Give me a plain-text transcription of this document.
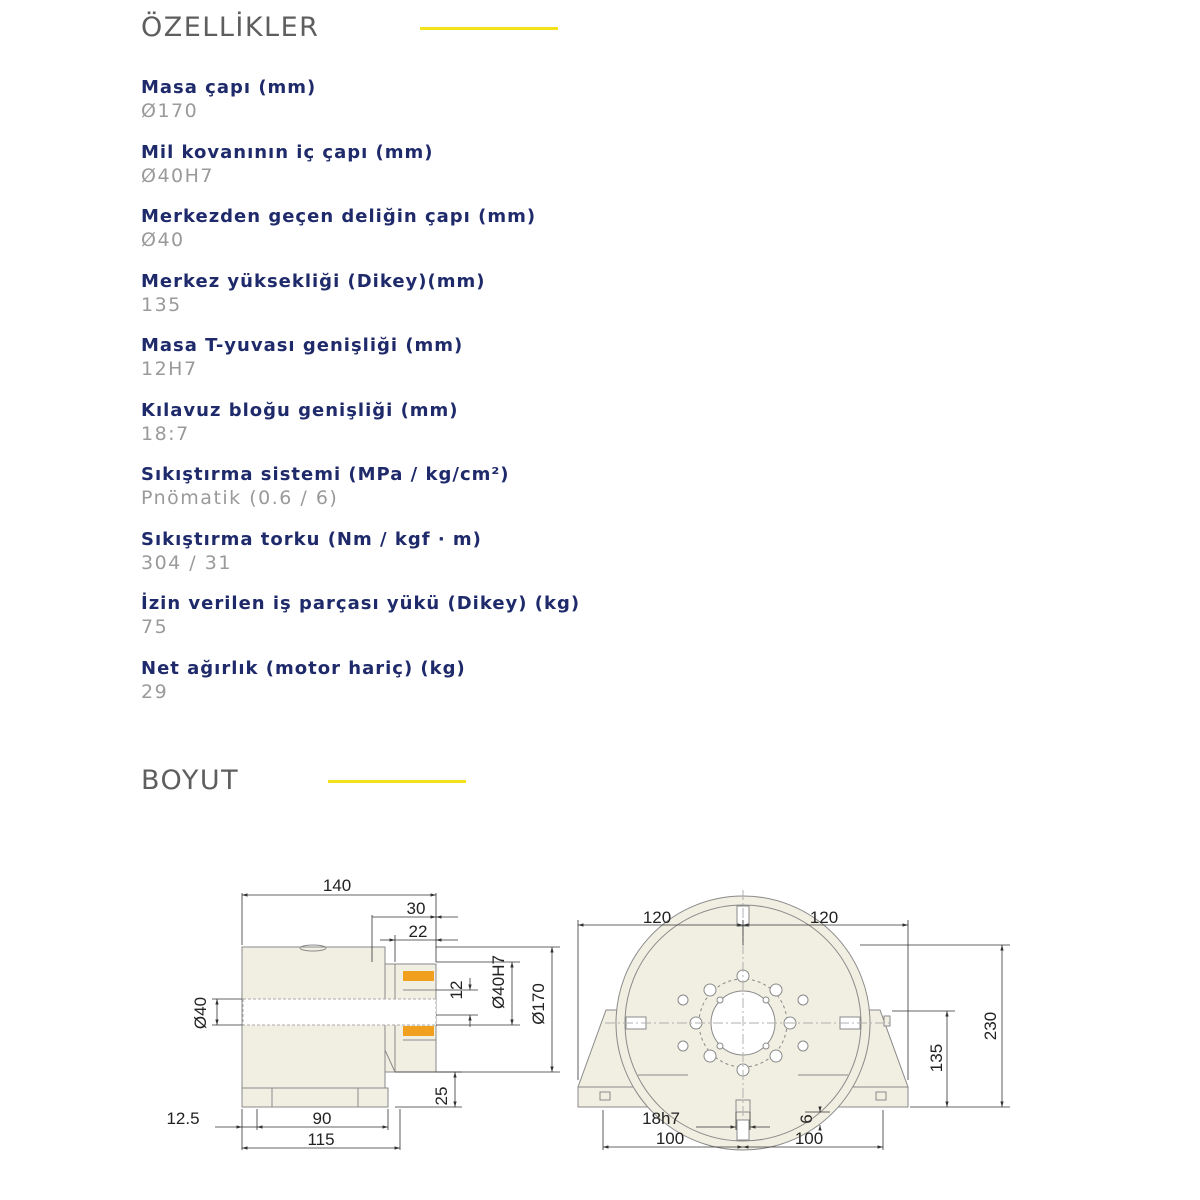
ÖZELLİKLER
Masa çapı (mm)
Ø170
Mil kovanının iç çapı (mm)
Ø40H7
Merkezden geçen deliğin çapı (mm)
Ø40
Merkez yüksekliği (Dikey)(mm)
135
Masa T-yuvası genişliği (mm)
12H7
Kılavuz bloğu genişliği (mm)
18:7
Sıkıştırma sistemi (MPa / kg/cm²)
Pnömatik (0.6 / 6)
Sıkıştırma torku (Nm / kgf · m)
304 / 31
İzin verilen iş parçası yükü (Dikey) (kg)
75
Net ağırlık (motor hariç) (kg)
29
BOYUT
140
30
22
Ø40
12 Ø40H7 Ø170
25
12.5	90
115
120	120
230
135
18h7	6
100	100
